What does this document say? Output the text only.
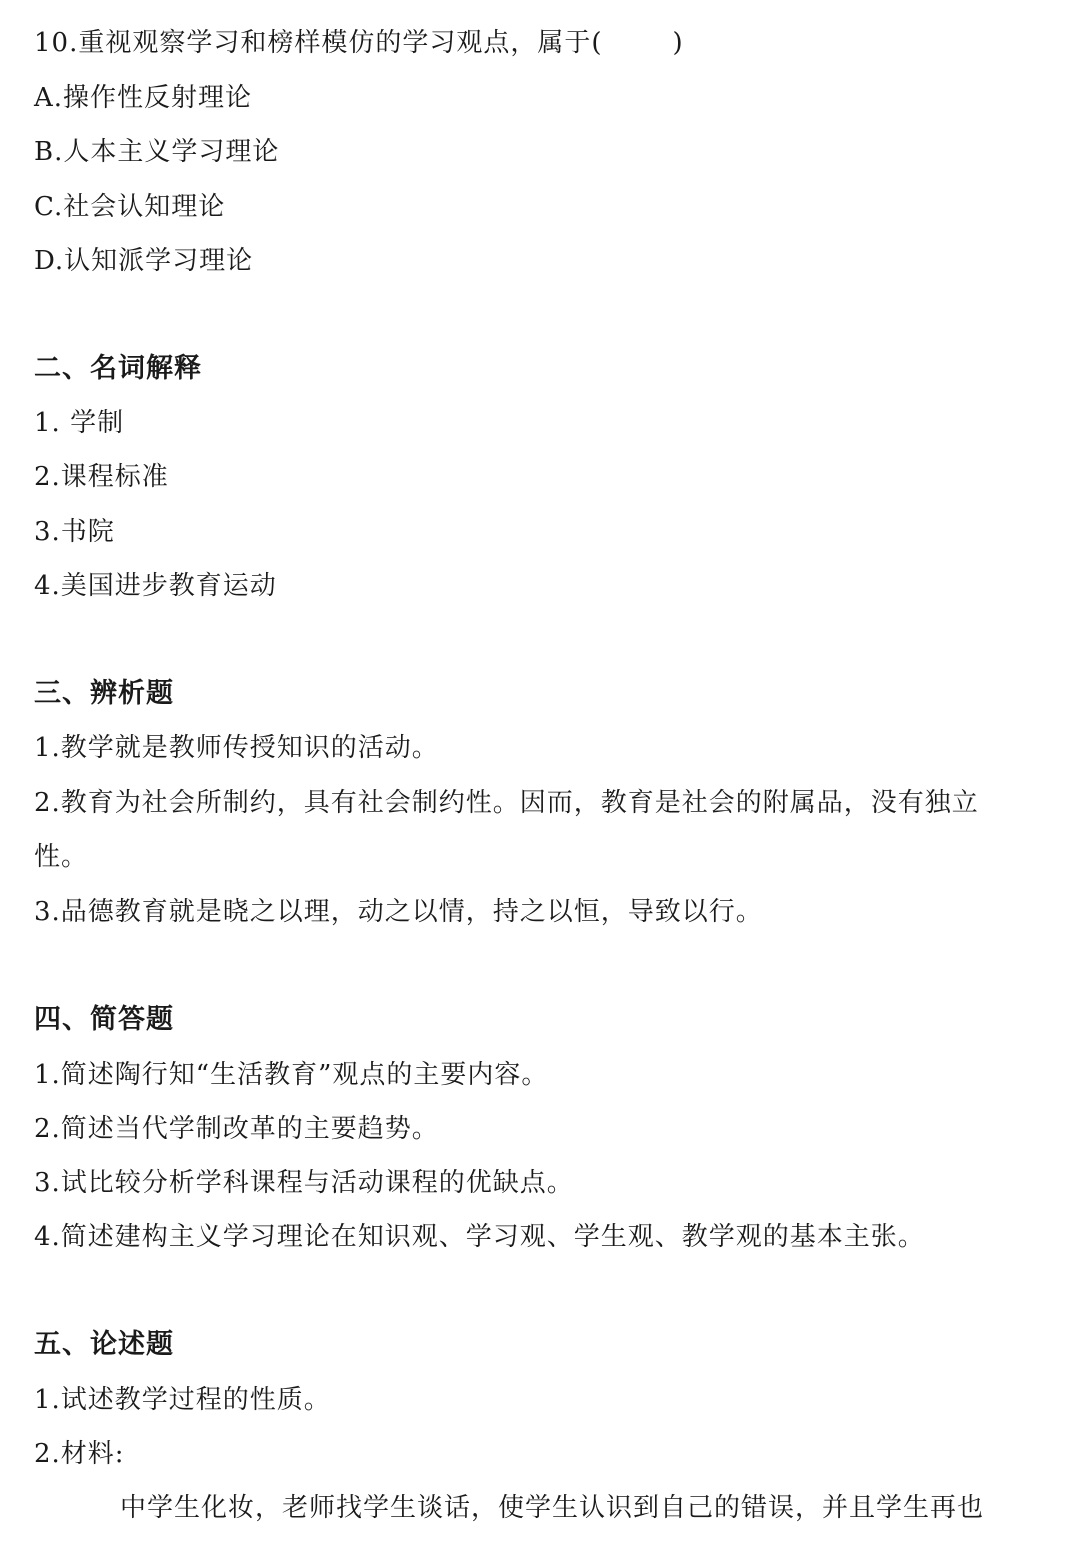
10.重视观察学习和榜样模仿的学习观点，属于(	)
A.操作性反射理论
B.人本主义学习理论
C.社会认知理论
D.认知派学习理论
二、名词解释
1. 学制
2.课程标准
3.书院
4.美国进步教育运动
三、辨析题
1.教学就是教师传授知识的活动。
2.教育为社会所制约，具有社会制约性。因而，教育是社会的附属品，没有独立
性。
3.品德教育就是晓之以理，动之以情，持之以恒，导致以行。
四、简答题
1.简述陶行知“生活教育”观点的主要内容。
2.简述当代学制改革的主要趋势。
3.试比较分析学科课程与活动课程的优缺点。
4.简述建构主义学习理论在知识观、学习观、学生观、教学观的基本主张。
五、论述题
1.试述教学过程的性质。
2.材料:
中学生化妆，老师找学生谈话，使学生认识到自己的错误，并且学生再也
